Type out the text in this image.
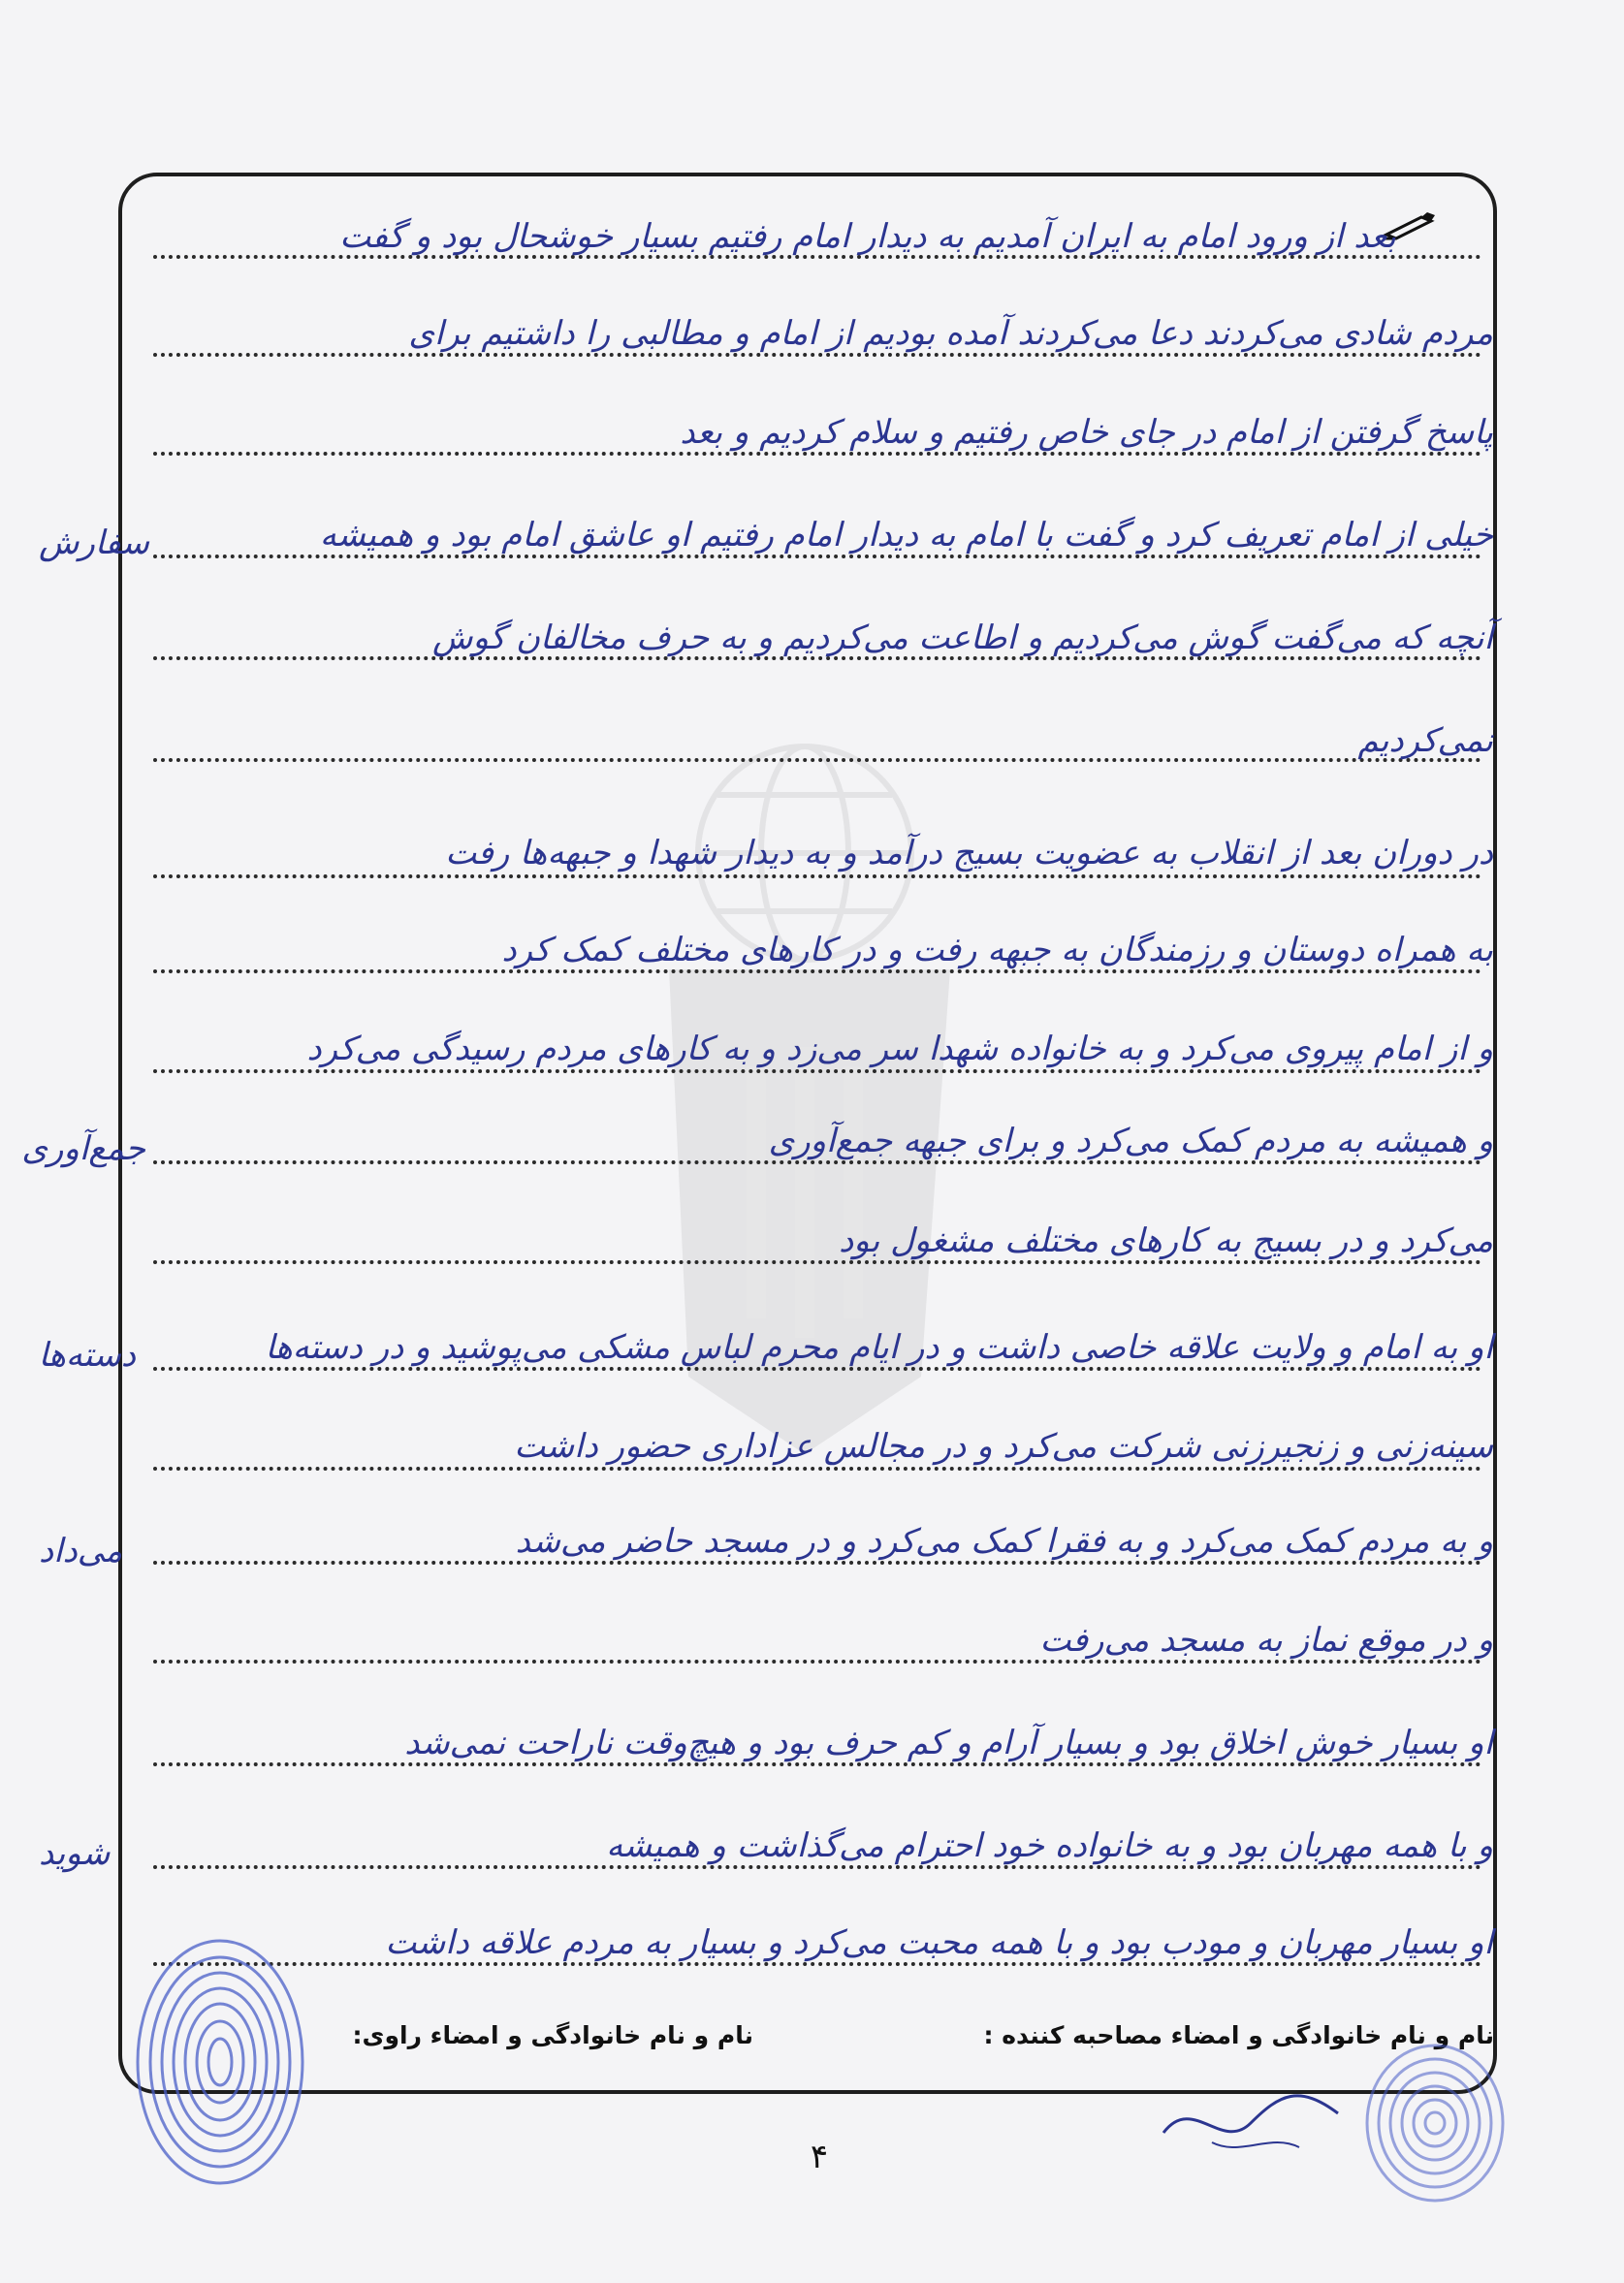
بعد از ورود امام به ایران آمدیم به دیدار امام رفتیم بسیار خوشحال بود و گفت
مردم شادی می‌کردند دعا می‌کردند آمده بودیم از امام و مطالبی را داشتیم برای
پاسخ گرفتن از امام در جای خاص رفتیم و سلام کردیم و بعد
خیلی از امام تعریف کرد و گفت با امام به دیدار امام رفتیم او عاشق امام بود و همیشه
آنچه که می‌گفت گوش می‌کردیم و اطاعت می‌کردیم و به حرف مخالفان گوش
نمی‌کردیم
در دوران بعد از انقلاب به عضویت بسیج درآمد و به دیدار شهدا و جبهه‌ها رفت
به همراه دوستان و رزمندگان به جبهه رفت و در کارهای مختلف کمک کرد
و از امام پیروی می‌کرد و به خانواده شهدا سر می‌زد و به کارهای مردم رسیدگی می‌کرد
و همیشه به مردم کمک می‌کرد و برای جبهه جمع‌آوری
می‌کرد و در بسیج به کارهای مختلف مشغول بود
او به امام و ولایت علاقه خاصی داشت و در ایام محرم لباس مشکی می‌پوشید و در دسته‌ها
سینه‌زنی و زنجیرزنی شرکت می‌کرد و در مجالس عزاداری حضور داشت
و به مردم کمک می‌کرد و به فقرا کمک می‌کرد و در مسجد حاضر می‌شد
و در موقع نماز به مسجد می‌رفت
او بسیار خوش اخلاق بود و بسیار آرام و کم حرف بود و هیچ‌وقت ناراحت نمی‌شد
و با همه مهربان بود و به خانواده خود احترام می‌گذاشت و همیشه
او بسیار مهربان و مودب بود و با همه محبت می‌کرد و بسیار به مردم علاقه داشت
سفارش
جمع‌آوری
دسته‌ها
می‌داد
شوید
نام و نام خانوادگی و امضاء مصاحبه کننده :
نام و نام خانوادگی و امضاء راوی:
۴
